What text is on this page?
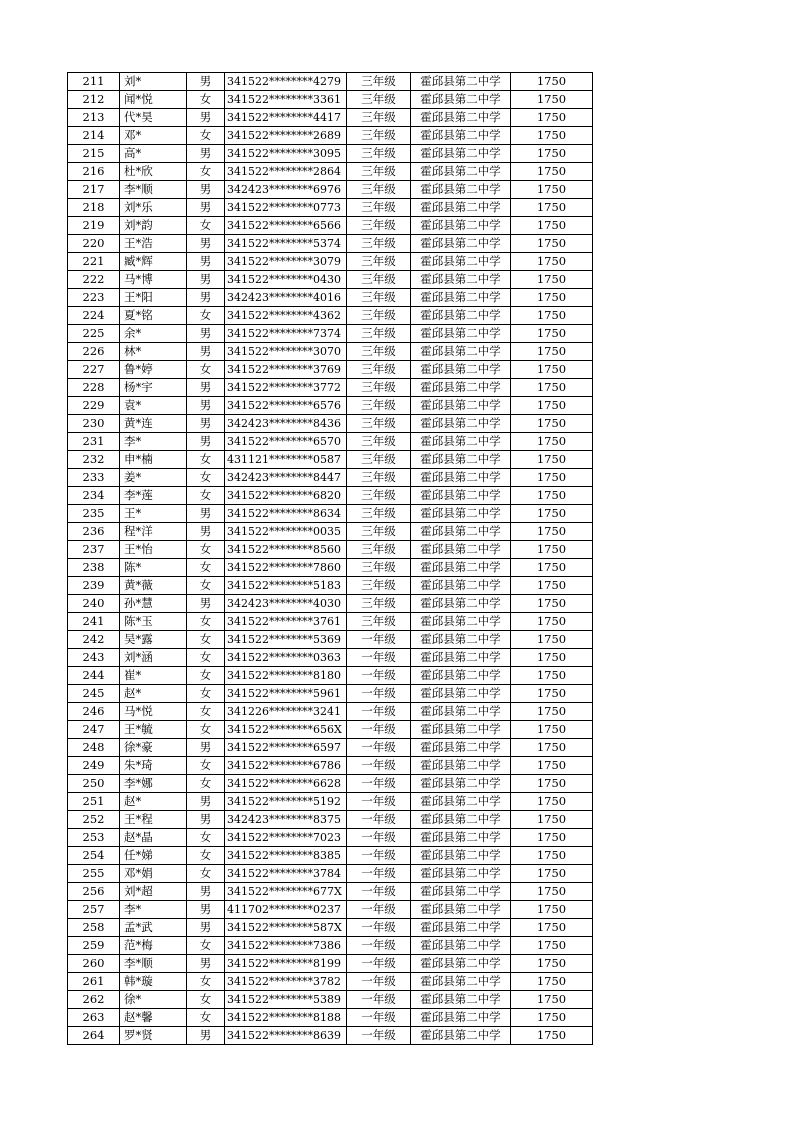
211	刘*	男	341522********4279	三年级	霍邱县第二中学	1750
212	闻*悦	女	341522********3361	三年级	霍邱县第二中学	1750
213	代*昊	男	341522********4417	三年级	霍邱县第二中学	1750
214	邓*	女	341522********2689	三年级	霍邱县第二中学	1750
215	高*	男	341522********3095	三年级	霍邱县第二中学	1750
216	杜*欣	女	341522********2864	三年级	霍邱县第二中学	1750
217	李*顺	男	342423********6976	三年级	霍邱县第二中学	1750
218	刘*乐	男	341522********0773	三年级	霍邱县第二中学	1750
219	刘*韵	女	341522********6566	三年级	霍邱县第二中学	1750
220	王*浩	男	341522********5374	三年级	霍邱县第二中学	1750
221	臧*辉	男	341522********3079	三年级	霍邱县第二中学	1750
222	马*博	男	341522********0430	三年级	霍邱县第二中学	1750
223	王*阳	男	342423********4016	三年级	霍邱县第二中学	1750
224	夏*铭	女	341522********4362	三年级	霍邱县第二中学	1750
225	余*	男	341522********7374	三年级	霍邱县第二中学	1750
226	林*	男	341522********3070	三年级	霍邱县第二中学	1750
227	鲁*婷	女	341522********3769	三年级	霍邱县第二中学	1750
228	杨*宇	男	341522********3772	三年级	霍邱县第二中学	1750
229	袁*	男	341522********6576	三年级	霍邱县第二中学	1750
230	黄*连	男	342423********8436	三年级	霍邱县第二中学	1750
231	李*	男	341522********6570	三年级	霍邱县第二中学	1750
232	申*楠	女	431121********0587	三年级	霍邱县第二中学	1750
233	姜*	女	342423********8447	三年级	霍邱县第二中学	1750
234	李*莲	女	341522********6820	三年级	霍邱县第二中学	1750
235	王*	男	341522********8634	三年级	霍邱县第二中学	1750
236	程*洋	男	341522********0035	三年级	霍邱县第二中学	1750
237	王*怡	女	341522********8560	三年级	霍邱县第二中学	1750
238	陈*	女	341522********7860	三年级	霍邱县第二中学	1750
239	黄*薇	女	341522********5183	三年级	霍邱县第二中学	1750
240	孙*慧	男	342423********4030	三年级	霍邱县第二中学	1750
241	陈*玉	女	341522********3761	三年级	霍邱县第二中学	1750
242	吴*露	女	341522********5369	一年级	霍邱县第二中学	1750
243	刘*涵	女	341522********0363	一年级	霍邱县第二中学	1750
244	崔*	女	341522********8180	一年级	霍邱县第二中学	1750
245	赵*	女	341522********5961	一年级	霍邱县第二中学	1750
246	马*悦	女	341226********3241	一年级	霍邱县第二中学	1750
247	王*毓	女	341522********656X	一年级	霍邱县第二中学	1750
248	徐*豪	男	341522********6597	一年级	霍邱县第二中学	1750
249	朱*琦	女	341522********6786	一年级	霍邱县第二中学	1750
250	李*娜	女	341522********6628	一年级	霍邱县第二中学	1750
251	赵*	男	341522********5192	一年级	霍邱县第二中学	1750
252	王*程	男	342423********8375	一年级	霍邱县第二中学	1750
253	赵*晶	女	341522********7023	一年级	霍邱县第二中学	1750
254	任*娣	女	341522********8385	一年级	霍邱县第二中学	1750
255	邓*娟	女	341522********3784	一年级	霍邱县第二中学	1750
256	刘*超	男	341522********677X	一年级	霍邱县第二中学	1750
257	李*	男	411702********0237	一年级	霍邱县第二中学	1750
258	孟*武	男	341522********587X	一年级	霍邱县第二中学	1750
259	范*梅	女	341522********7386	一年级	霍邱县第二中学	1750
260	李*顺	男	341522********8199	一年级	霍邱县第二中学	1750
261	韩*璇	女	341522********3782	一年级	霍邱县第二中学	1750
262	徐*	女	341522********5389	一年级	霍邱县第二中学	1750
263	赵*馨	女	341522********8188	一年级	霍邱县第二中学	1750
264	罗*贤	男	341522********8639	一年级	霍邱县第二中学	1750
